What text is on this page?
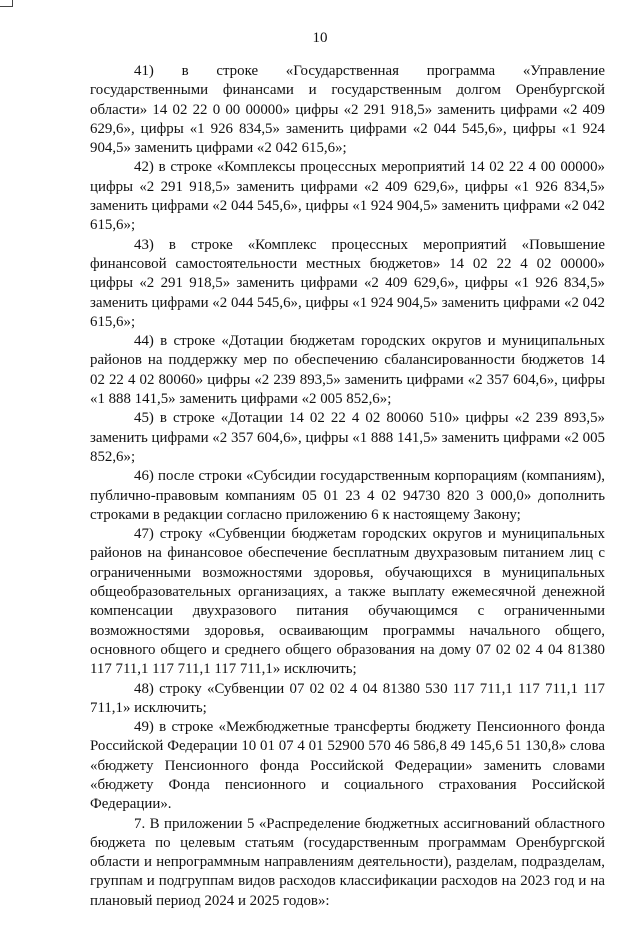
10

41) в строке «Государственная программа «Управление государственными финансами и государственным долгом Оренбургской области» 14 02 22 0 00 00000» цифры «2 291 918,5» заменить цифрами «2 409 629,6», цифры «1 926 834,5» заменить цифрами «2 044 545,6», цифры «1 924 904,5» заменить цифрами «2 042 615,6»;

42) в строке «Комплексы процессных мероприятий 14 02 22 4 00 00000» цифры «2 291 918,5» заменить цифрами «2 409 629,6», цифры «1 926 834,5» заменить цифрами «2 044 545,6», цифры «1 924 904,5» заменить цифрами «2 042 615,6»;

43) в строке «Комплекс процессных мероприятий «Повышение финансовой самостоятельности местных бюджетов» 14 02 22 4 02 00000» цифры «2 291 918,5» заменить цифрами «2 409 629,6», цифры «1 926 834,5» заменить цифрами «2 044 545,6», цифры «1 924 904,5» заменить цифрами «2 042 615,6»;

44) в строке «Дотации бюджетам городских округов и муниципальных районов на поддержку мер по обеспечению сбалансированности бюджетов 14 02 22 4 02 80060» цифры «2 239 893,5» заменить цифрами «2 357 604,6», цифры «1 888 141,5» заменить цифрами «2 005 852,6»;

45) в строке «Дотации 14 02 22 4 02 80060 510» цифры «2 239 893,5» заменить цифрами «2 357 604,6», цифры «1 888 141,5» заменить цифрами «2 005 852,6»;

46) после строки «Субсидии государственным корпорациям (компаниям), публично-правовым компаниям 05 01 23 4 02 94730 820 3 000,0» дополнить строками в редакции согласно приложению 6 к настоящему Закону;

47) строку «Субвенции бюджетам городских округов и муниципальных районов на финансовое обеспечение бесплатным двухразовым питанием лиц с ограниченными возможностями здоровья, обучающихся в муниципальных общеобразовательных организациях, а также выплату ежемесячной денежной компенсации двухразового питания обучающимся с ограниченными возможностями здоровья, осваивающим программы начального общего, основного общего и среднего общего образования на дому 07 02 02 4 04 81380 117 711,1 117 711,1 117 711,1» исключить;

48) строку «Субвенции 07 02 02 4 04 81380 530 117 711,1 117 711,1 117 711,1» исключить;

49) в строке «Межбюджетные трансферты бюджету Пенсионного фонда Российской Федерации 10 01 07 4 01 52900 570 46 586,8 49 145,6 51 130,8» слова «бюджету Пенсионного фонда Российской Федерации» заменить словами «бюджету Фонда пенсионного и социального страхования Российской Федерации».

7. В приложении 5 «Распределение бюджетных ассигнований областного бюджета по целевым статьям (государственным программам Оренбургской области и непрограммным направлениям деятельности), разделам, подразделам, группам и подгруппам видов расходов классификации расходов на 2023 год и на плановый период 2024 и 2025 годов»:
